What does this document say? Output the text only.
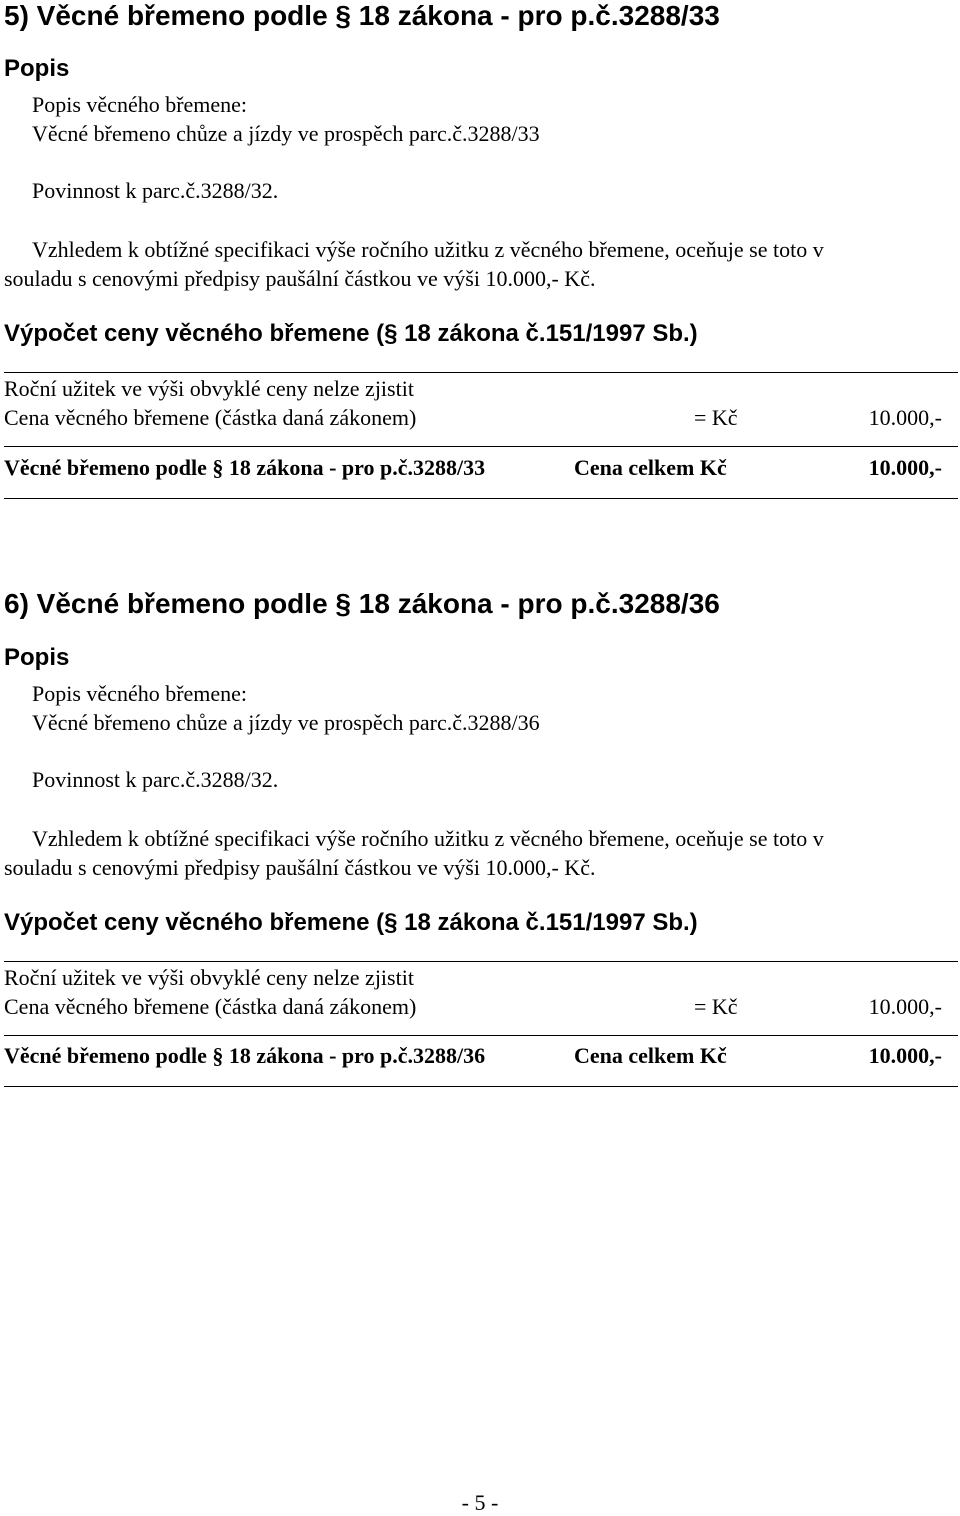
5) Věcné břemeno podle § 18 zákona - pro p.č.3288/33
Popis
Popis věcného břemene:
Věcné břemeno chůze a jízdy ve prospěch parc.č.3288/33
Povinnost k parc.č.3288/32.
Vzhledem k obtížné specifikaci výše ročního užitku z věcného břemene, oceňuje se toto v
souladu s cenovými předpisy paušální částkou ve výši 10.000,- Kč.
Výpočet ceny věcného břemene (§ 18 zákona č.151/1997 Sb.)
Roční užitek ve výši obvyklé ceny nelze zjistit
Cena věcného břemene (částka daná zákonem)	= Kč	10.000,-
Věcné břemeno podle § 18 zákona - pro p.č.3288/33	Cena celkem Kč	10.000,-
6) Věcné břemeno podle § 18 zákona - pro p.č.3288/36
Popis
Popis věcného břemene:
Věcné břemeno chůze a jízdy ve prospěch parc.č.3288/36
Povinnost k parc.č.3288/32.
Vzhledem k obtížné specifikaci výše ročního užitku z věcného břemene, oceňuje se toto v
souladu s cenovými předpisy paušální částkou ve výši 10.000,- Kč.
Výpočet ceny věcného břemene (§ 18 zákona č.151/1997 Sb.)
Roční užitek ve výši obvyklé ceny nelze zjistit
Cena věcného břemene (částka daná zákonem)	= Kč	10.000,-
Věcné břemeno podle § 18 zákona - pro p.č.3288/36	Cena celkem Kč	10.000,-
- 5 -
